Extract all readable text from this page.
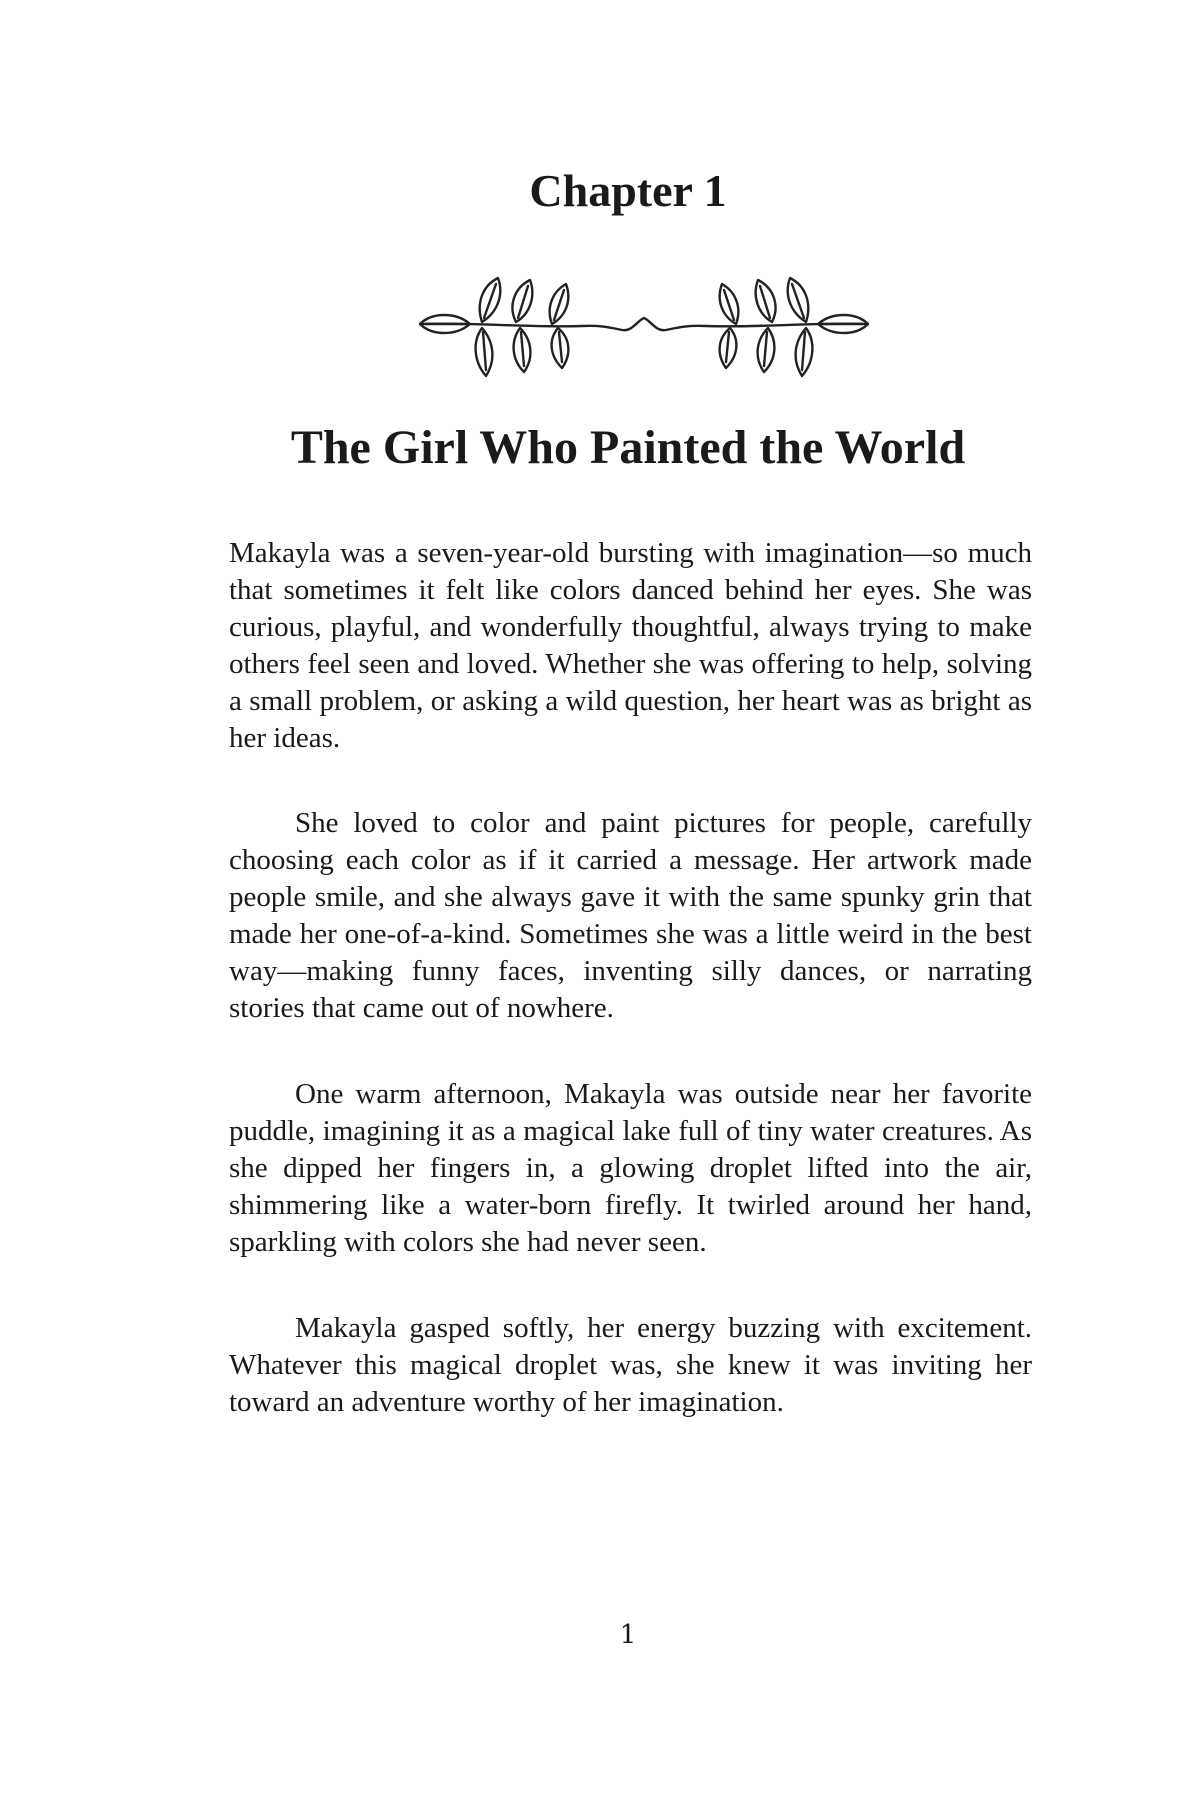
Chapter 1
The Girl Who Painted the World

Makayla was a seven-year-old bursting with imagination—so much that sometimes it felt like colors danced behind her eyes. She was curious, playful, and wonderfully thoughtful, always trying to make others feel seen and loved. Whether she was offering to help, solving a small problem, or asking a wild question, her heart was as bright as her ideas.

She loved to color and paint pictures for people, carefully choosing each color as if it carried a message. Her artwork made people smile, and she always gave it with the same spunky grin that made her one-of-a-kind. Sometimes she was a little weird in the best way—making funny faces, inventing silly dances, or narrating stories that came out of nowhere.

One warm afternoon, Makayla was outside near her favorite puddle, imagining it as a magical lake full of tiny water creatures. As she dipped her fingers in, a glowing droplet lifted into the air, shimmering like a water-born firefly. It twirled around her hand, sparkling with colors she had never seen.

Makayla gasped softly, her energy buzzing with excitement. Whatever this magical droplet was, she knew it was inviting her toward an adventure worthy of her imagination.

1
